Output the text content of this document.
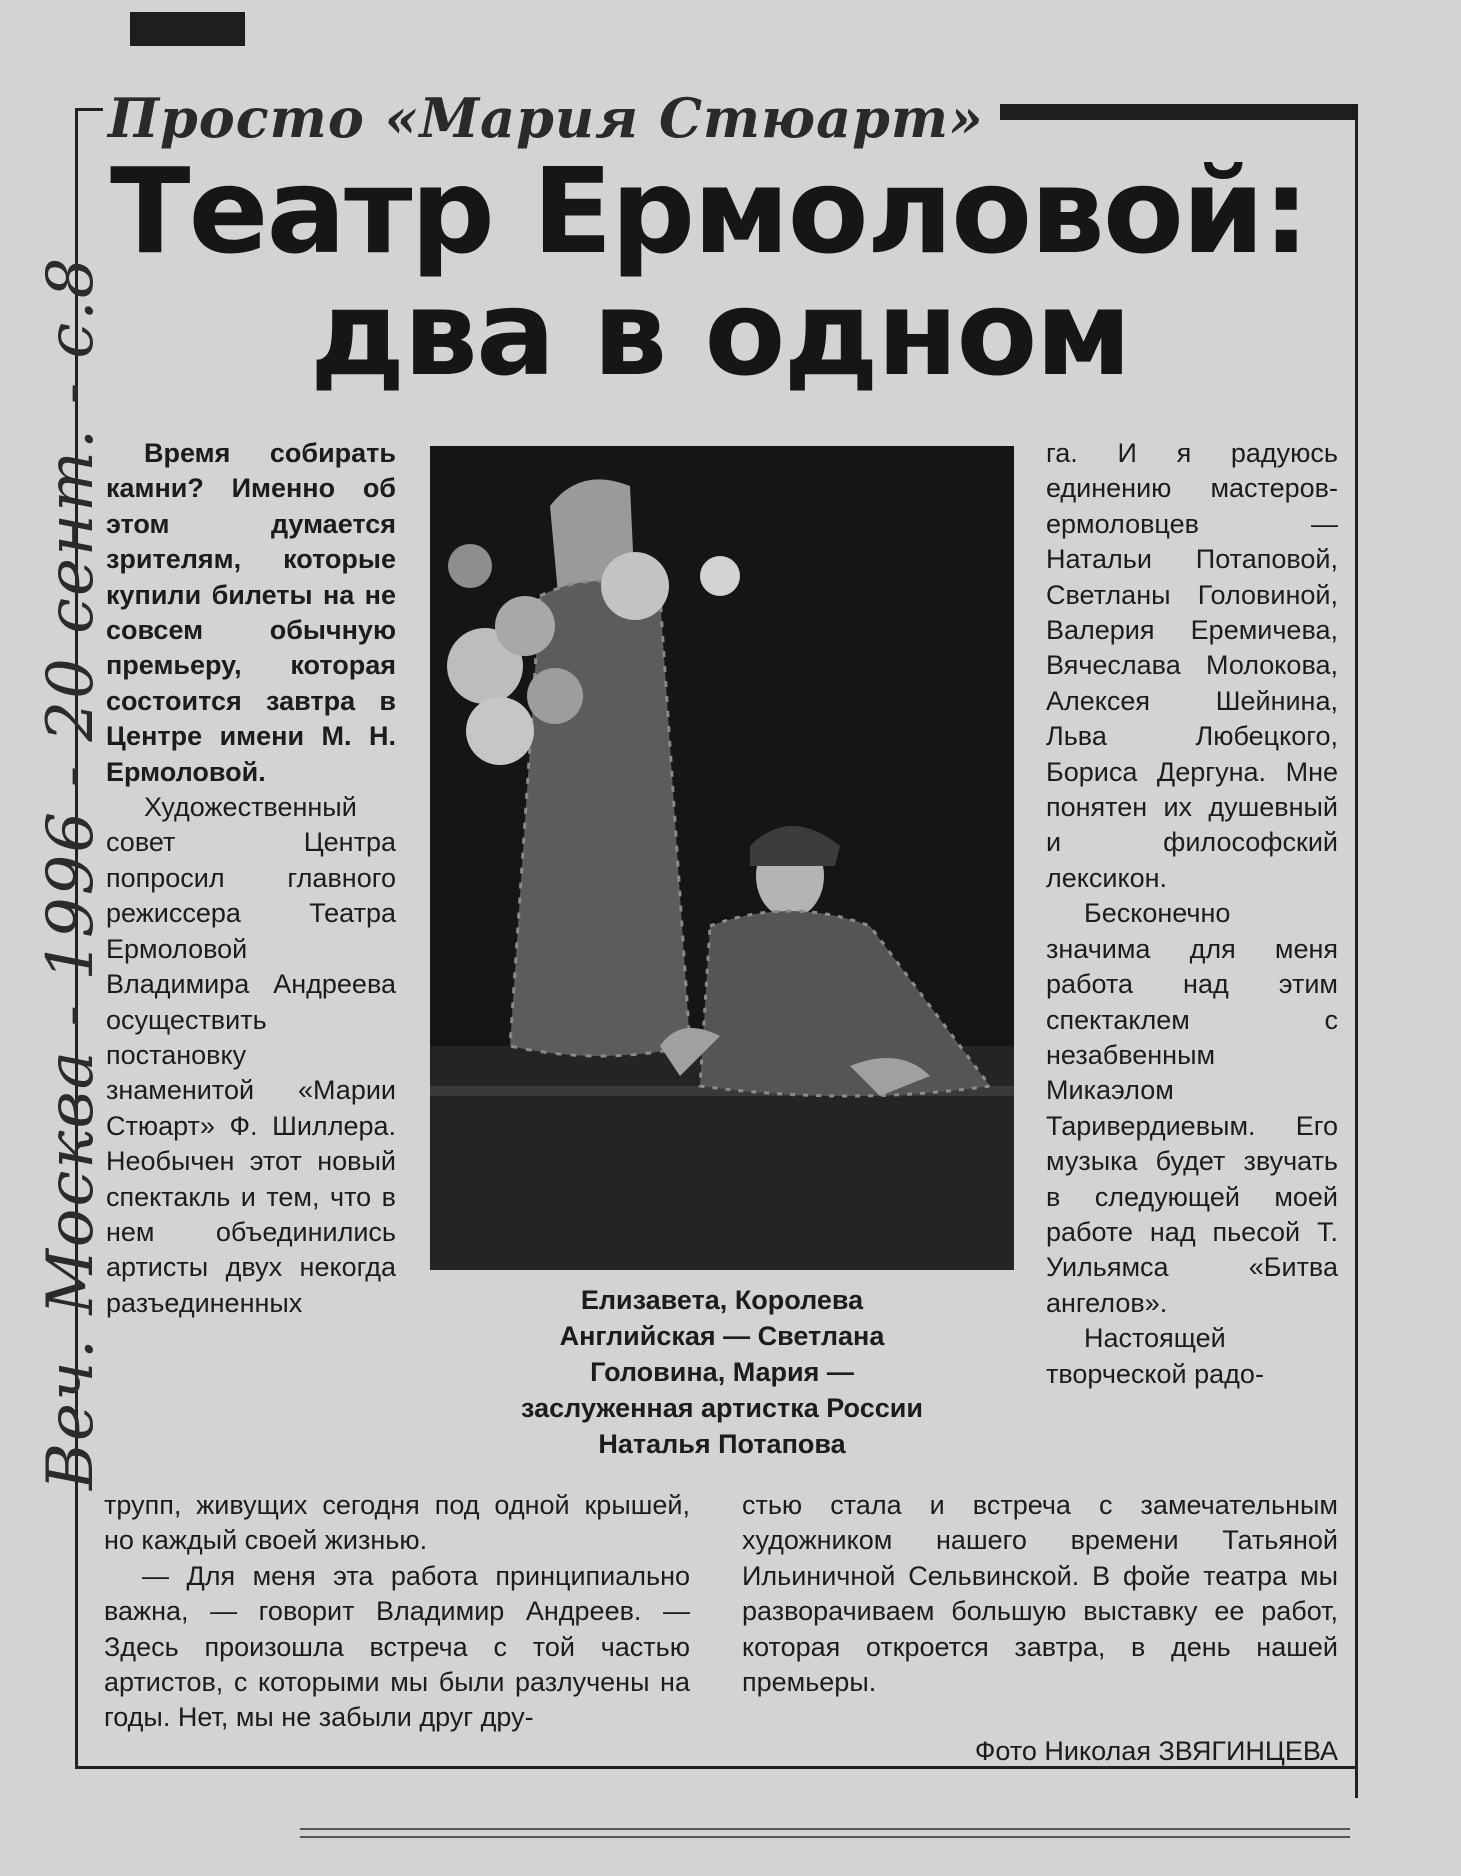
Просто «Мария Стюарт»
Театр Ермоловой:
два в одном

Время собирать камни? Именно об этом думается зрителям, которые купили билеты на не совсем обычную премьеру, которая состоится завтра в Центре имени М. Н. Ермоловой.

Художественный совет Центра попросил главного режиссера Театра Ермоловой Владимира Андреева осуществить постановку знаменитой «Марии Стюарт» Ф. Шиллера. Необычен этот новый спектакль и тем, что в нем объединились артисты двух некогда разъединенных	Елизавета, Королева
Английская — Светлана
Головина, Мария —
заслуженная артистка России
Наталья Потапова

га. И я радуюсь единению мастеров-ермоловцев — Натальи Потаповой, Светланы Головиной, Валерия Еремичева, Вячеслава Молокова, Алексея Шейнина, Льва Любецкого, Бориса Дергуна. Мне понятен их душевный и философский лексикон.

Бесконечно значима для меня работа над этим спектаклем с незабвенным Микаэлом Таривердиевым. Его музыка будет звучать в следующей моей работе над пьесой Т. Уильямса «Битва ангелов».

Настоящей творческой радо-

трупп, живущих сегодня под одной крышей, но каждый своей жизнью.

— Для меня эта работа принципиально важна, — говорит Владимир Андреев. — Здесь произошла встреча с той частью артистов, с которыми мы были разлучены на годы. Нет, мы не забыли друг дру-

стью стала и встреча с замечательным художником нашего времени Татьяной Ильиничной Сельвинской. В фойе театра мы разворачиваем большую выставку ее работ, которая откроется завтра, в день нашей премьеры.

Фото Николая ЗВЯГИНЦЕВА
Веч. Москва - 1996 - 20 сент. - с.8
